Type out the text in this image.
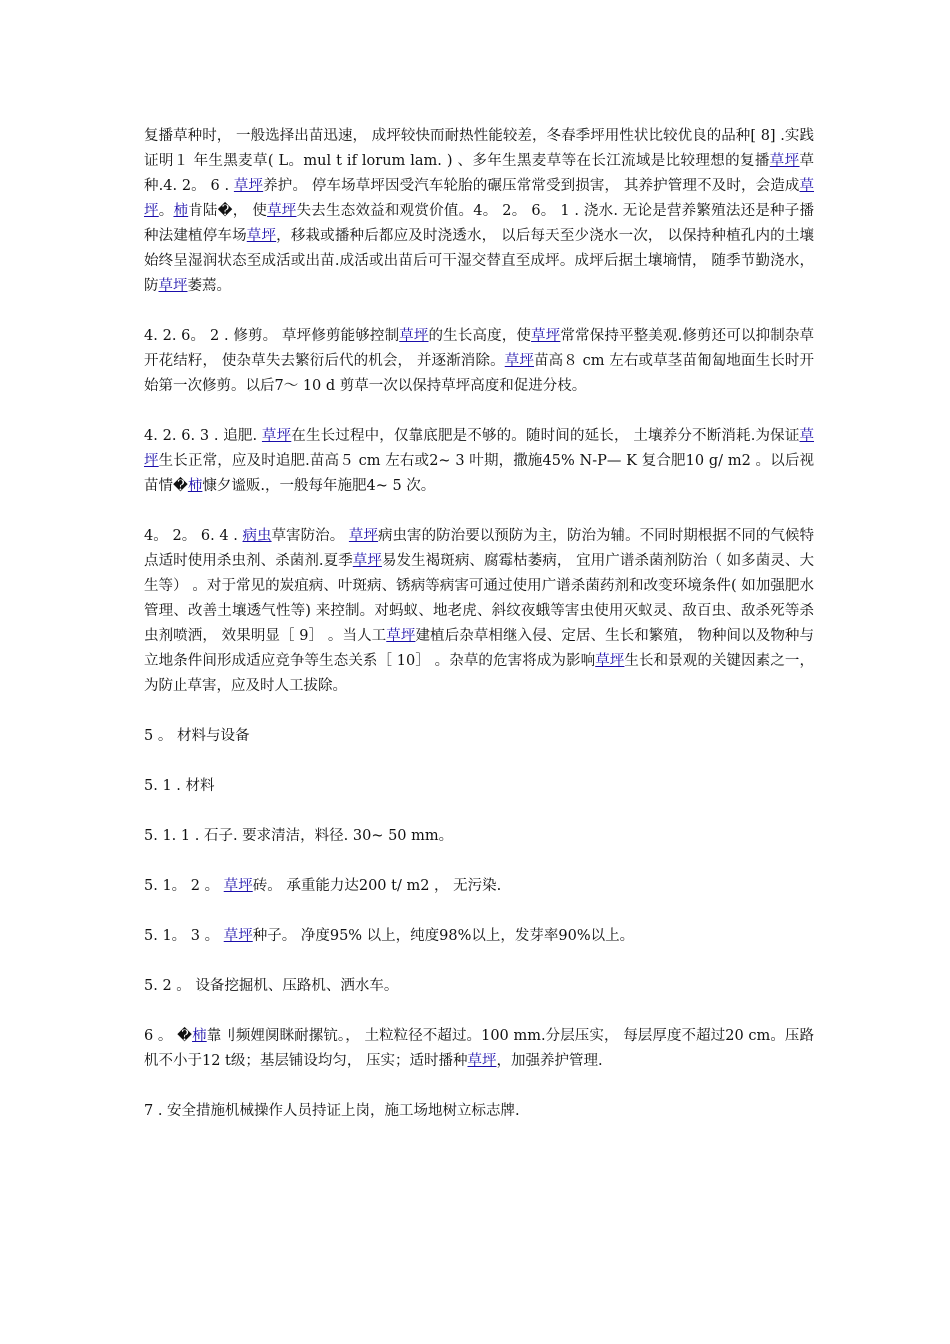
复播草种时， 一般选择出苗迅速， 成坪较快而耐热性能较差，冬春季坪用性状比较优良的品种[ 8] .实践证明１ 年生黑麦草( L。mul t if lorum lam. ) 、多年生黑麦草等在长江流域是比较理想的复播草坪草种.4. 2。 6 . 草坪养护。 停车场草坪因受汽车轮胎的碾压常常受到损害， 其养护管理不及时，会造成草坪。柿肯陆�， 使草坪失去生态效益和观赏价值。4。 2。 6。 1 . 浇水. 无论是营养繁殖法还是种子播种法建植停车场草坪，移栽或播种后都应及时浇透水， 以后每天至少浇水一次， 以保持种植孔内的土壤始终呈湿润状态至成活或出苗.成活或出苗后可干湿交替直至成坪。成坪后据土壤墒情， 随季节勤浇水， 防草坪萎蔫。

4. 2. 6。 2 . 修剪。 草坪修剪能够控制草坪的生长高度，使草坪常常保持平整美观.修剪还可以抑制杂草开花结籽， 使杂草失去繁衍后代的机会， 并逐渐消除。草坪苗高８ cm 左右或草茎苗匍匐地面生长时开始第一次修剪。以后7～ 10 d 剪草一次以保持草坪高度和促进分枝。

4. 2. 6. 3 . 追肥. 草坪在生长过程中，仅靠底肥是不够的。随时间的延长， 土壤养分不断消耗.为保证草坪生长正常，应及时追肥.苗高５ cm 左右或2~ 3 叶期，撒施45% N-P— K 复合肥10 g/ m2 。以后视苗情�柿慷夕谧贩.，一般每年施肥4~ 5 次。

4。 2。 6. 4 . 病虫草害防治。 草坪病虫害的防治要以预防为主，防治为辅。不同时期根据不同的气候特点适时使用杀虫剂、杀菌剂.夏季草坪易发生褐斑病、腐霉枯萎病， 宜用广谱杀菌剂防治（ 如多菌灵、大生等） 。对于常见的炭疽病、叶斑病、锈病等病害可通过使用广谱杀菌药剂和改变环境条件( 如加强肥水管理、改善土壤透气性等) 来控制。对蚂蚁、地老虎、斜纹夜蛾等害虫使用灭蚁灵、敌百虫、敌杀死等杀虫剂喷洒， 效果明显［ 9］ 。当人工草坪建植后杂草相继入侵、定居、生长和繁殖， 物种间以及物种与立地条件间形成适应竞争等生态关系［ 10］ 。杂草的危害将成为影响草坪生长和景观的关键因素之一，为防止草害，应及时人工拔除。

5 。 材料与设备

5. 1 . 材料

5. 1. 1 . 石子. 要求清洁，料径. 30~ 50 mm。

5. 1。 2 。 草坪砖。 承重能力达200 t/ m2 ， 无污染.

5. 1。 3 。 草坪种子。 净度95% 以上，纯度98%以上，发芽率90%以上。

5. 2 。 设备挖掘机、压路机、洒水车。

6 。 �柿靠刂频娌阒眯耐摞钪。， 土粒粒径不超过。100 mm.分层压实， 每层厚度不超过20 cm。压路机不小于12 t级；基层铺设均匀， 压实；适时播种草坪，加强养护管理.

7 . 安全措施机械操作人员持证上岗，施工场地树立标志牌.
